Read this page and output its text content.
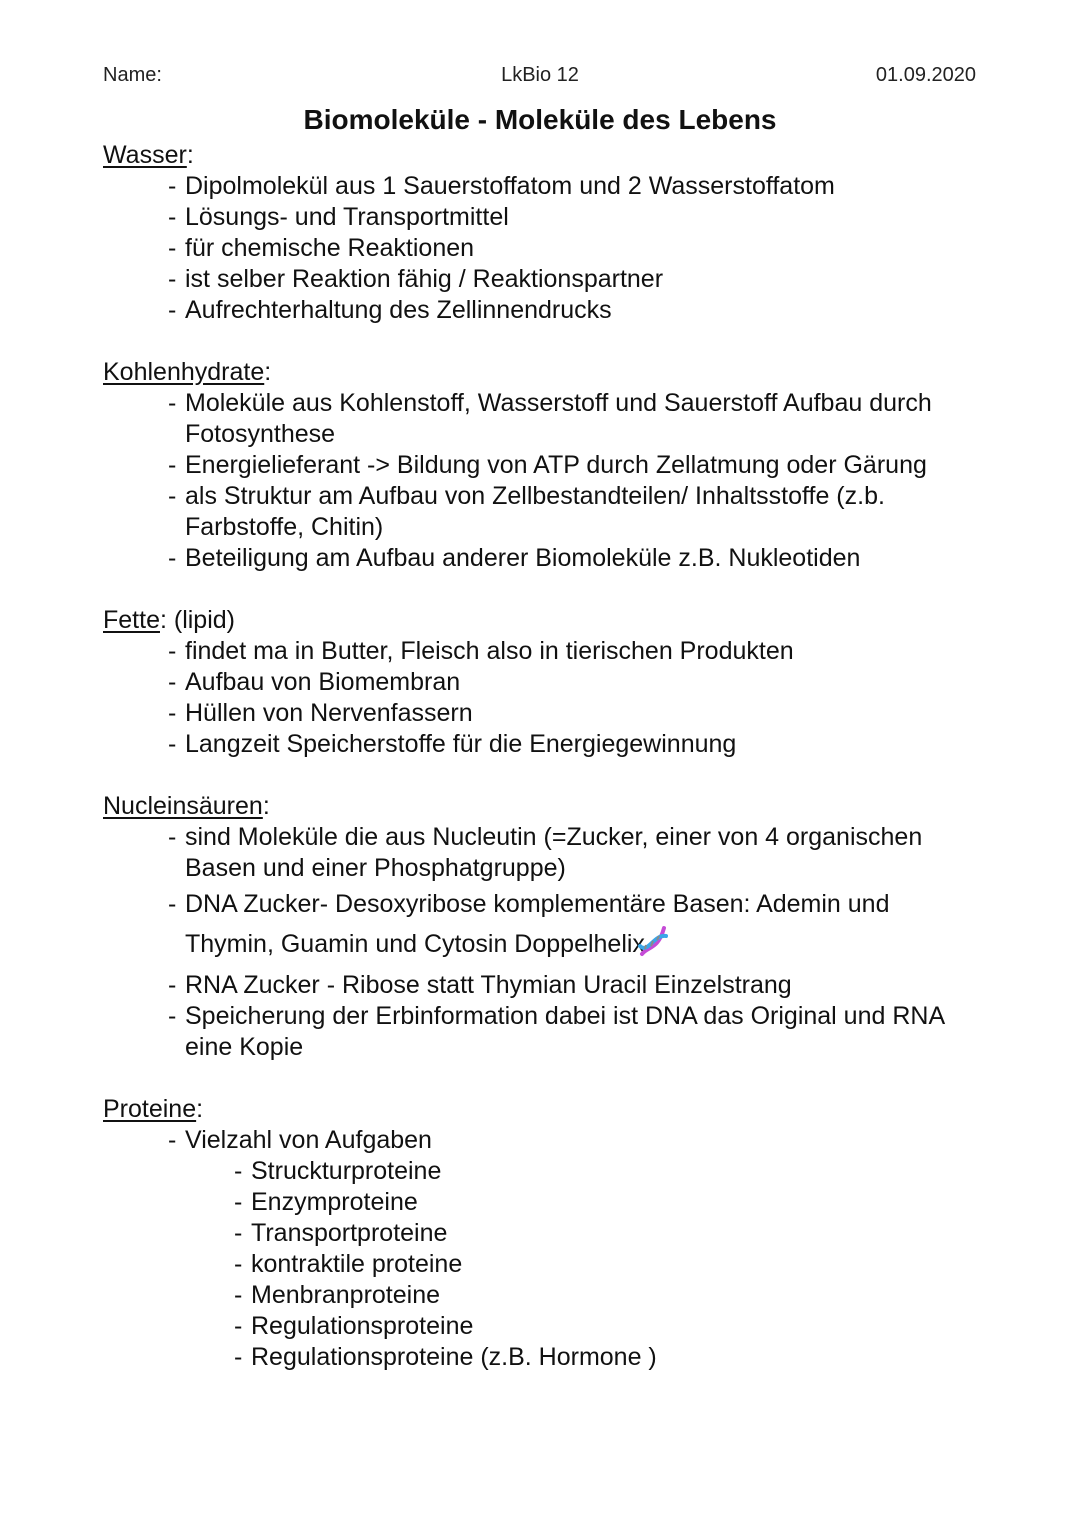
Name:	LkBio 12	01.09.2020
Biomoleküle - Moleküle des Lebens
Wasser:
- Dipolmolekül aus 1 Sauerstoffatom und 2 Wasserstoffatom
- Lösungs- und Transportmittel
- für chemische Reaktionen
- ist selber Reaktion fähig / Reaktionspartner
- Aufrechterhaltung des Zellinnendrucks
Kohlenhydrate:
- Moleküle aus Kohlenstoff, Wasserstoff und Sauerstoff Aufbau durch Fotosynthese
- Energielieferant -> Bildung von ATP durch Zellatmung oder Gärung
- als Struktur am Aufbau von Zellbestandteilen/ Inhaltsstoffe (z.b. Farbstoffe, Chitin)
- Beteiligung am Aufbau anderer Biomoleküle z.B. Nukleotiden
Fette: (lipid)
- findet ma in Butter, Fleisch also in tierischen Produkten
- Aufbau von Biomembran
- Hüllen von Nervenfassern
- Langzeit Speicherstoffe für die Energiegewinnung
Nucleinsäuren:
- sind Moleküle die aus Nucleutin (=Zucker, einer von 4 organischen Basen und einer Phosphatgruppe)
- DNA Zucker- Desoxyribose komplementäre Basen: Ademin und Thymin, Guamin und Cytosin Doppelhelix
- RNA Zucker - Ribose statt Thymian Uracil Einzelstrang
- Speicherung der Erbinformation dabei ist DNA das Original und RNA eine Kopie
Proteine:
- Vielzahl von Aufgaben
- Struckturproteine
- Enzymproteine
- Transportproteine
- kontraktile proteine
- Menbranproteine
- Regulationsproteine
- Regulationsproteine (z.B. Hormone )
